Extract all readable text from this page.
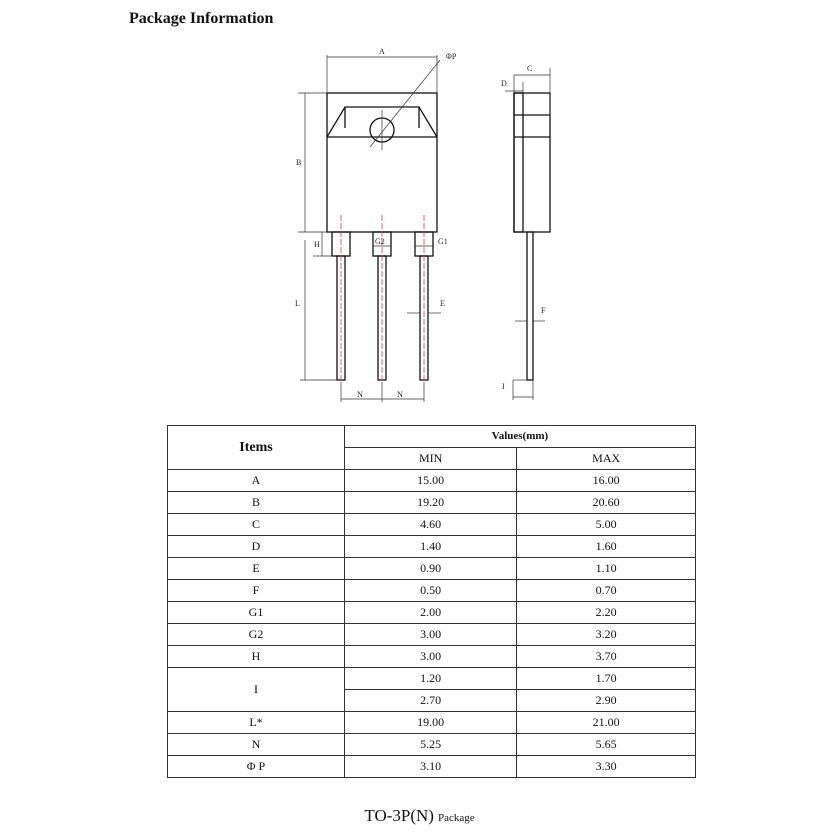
Package Information
A
ΦP
C
D
B
H	G2	G1
L	E
F
N	N
I
Items	Values(mm)	
	MIN	MAX
A	15.00	16.00
B	19.20	20.60
C	4.60	5.00
D	1.40	1.60
E	0.90	1.10
F	0.50	0.70
G1	2.00	2.20
G2	3.00	3.20
H	3.00	3.70
I	1.20	1.70
	2.70	2.90
L*	19.00	21.00
N	5.25	5.65
Φ P	3.10	3.30
TO-3P(N) Package
